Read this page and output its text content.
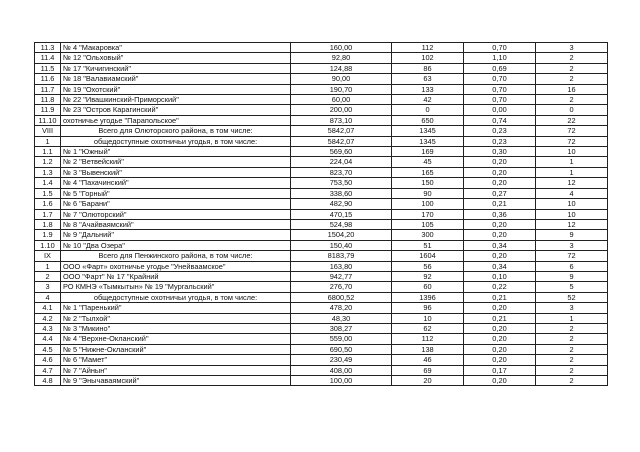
11.3	№ 4 "Макаровка"	160,00	112	0,70	3
11.4	№ 12 "Ольховый"	92,80	102	1,10	2
11.5	№ 17 "Кичигинский"	124,88	86	0,69	2
11.6	№ 18 "Валавиамский"	90,00	63	0,70	2
11.7	№ 19 "Охотский"	190,70	133	0,70	16
11.8	№ 22 "Ивашкинский-Приморский"	60,00	42	0,70	2
11.9	№ 23 "Остров Карагинский"	200,00	0	0,00	0
11.10	охотничье угодье "Парапольское"	873,10	650	0,74	22
VIII	Всего для Олюторского района, в том числе:	5842,07	1345	0,23	72
1	общедоступные охотничьи угодья, в том числе:	5842,07	1345	0,23	72
1.1	№ 1 "Южный"	569,60	169	0,30	10
1.2	№ 2 "Ветвейский"	224,04	45	0,20	1
1.3	№ 3 "Вывенский"	823,70	165	0,20	1
1.4	№ 4 "Пахачинский"	753,50	150	0,20	12
1.5	№ 5 "Горный"	338,60	90	0,27	4
1.6	№ 6 "Барани"	482,90	100	0,21	10
1.7	№ 7 "Олюторский"	470,15	170	0,36	10
1.8	№ 8 "Ачайваямский"	524,98	105	0,20	12
1.9	№ 9 "Дальний"	1504,20	300	0,20	9
1.10	№ 10 "Два Озера"	150,40	51	0,34	3
IX	Всего для Пенжинского района, в том числе:	8183,79	1604	0,20	72
1	ООО «Фарт» охотничье угодье "Унейваамское"	163,80	56	0,34	6
2	ООО "Фарт" № 17 "Крайний	942,77	92	0,10	9
3	РО КМНЭ «Тымкытын» № 19 "Мургальский"	276,70	60	0,22	5
4	общедоступные охотничьи угодья, в том числе:	6800,52	1396	0,21	52
4.1	№ 1 "Паренький"	478,20	96	0,20	3
4.2	№ 2 "Тылхой"	48,30	10	0,21	1
4.3	№ 3 "Микино"	308,27	62	0,20	2
4.4	№ 4 "Верхне-Окланский"	559,00	112	0,20	2
4.5	№ 5 "Нижне-Окланский"	690,50	138	0,20	2
4.6	№ 6 "Мамет"	230,49	46	0,20	2
4.7	№ 7 "Айнын"	408,00	69	0,17	2
4.8	№ 9 "Энычаваямский"	100,00	20	0,20	2
